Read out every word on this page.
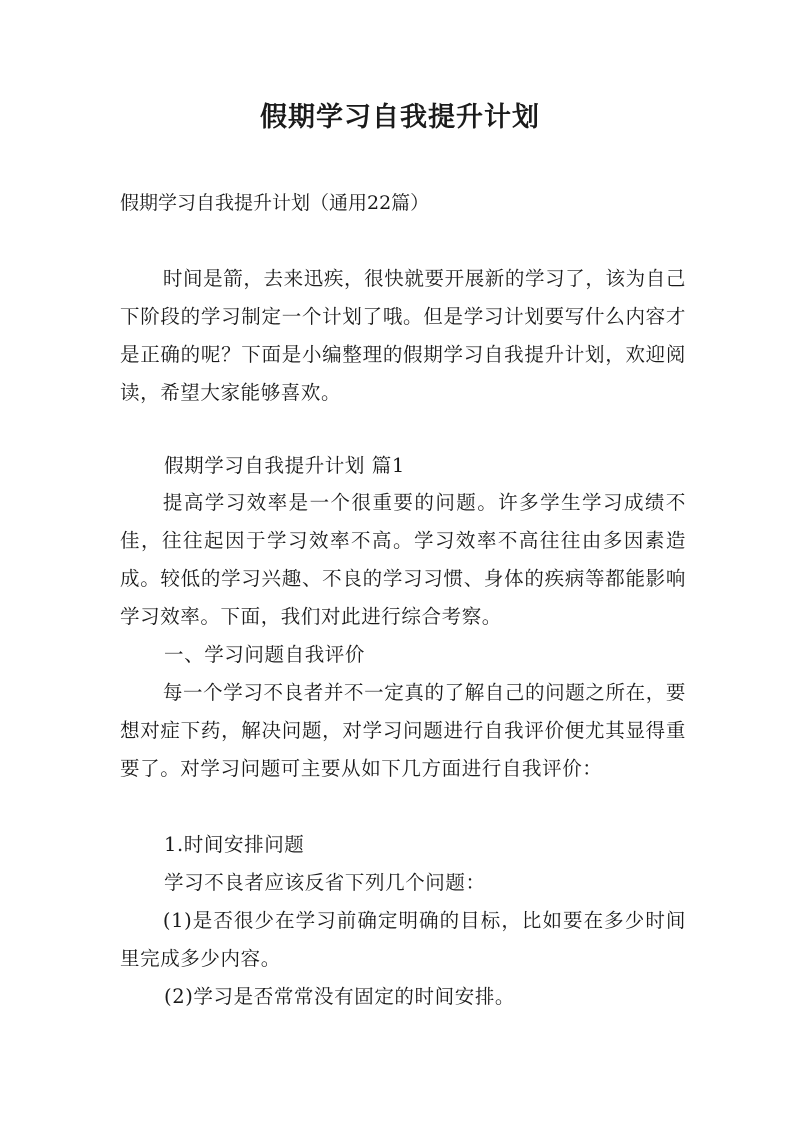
假期学习自我提升计划

假期学习自我提升计划（通用22篇）

时间是箭，去来迅疾，很快就要开展新的学习了，该为自己下阶段的学习制定一个计划了哦。但是学习计划要写什么内容才是正确的呢？下面是小编整理的假期学习自我提升计划，欢迎阅读，希望大家能够喜欢。

假期学习自我提升计划 篇1

提高学习效率是一个很重要的问题。许多学生学习成绩不佳，往往起因于学习效率不高。学习效率不高往往由多因素造成。较低的学习兴趣、不良的学习习惯、身体的疾病等都能影响学习效率。下面，我们对此进行综合考察。

一、学习问题自我评价

每一个学习不良者并不一定真的了解自己的问题之所在，要想对症下药，解决问题，对学习问题进行自我评价便尤其显得重要了。对学习问题可主要从如下几方面进行自我评价：

1.时间安排问题

学习不良者应该反省下列几个问题：

(1)是否很少在学习前确定明确的目标，比如要在多少时间里完成多少内容。

(2)学习是否常常没有固定的时间安排。
